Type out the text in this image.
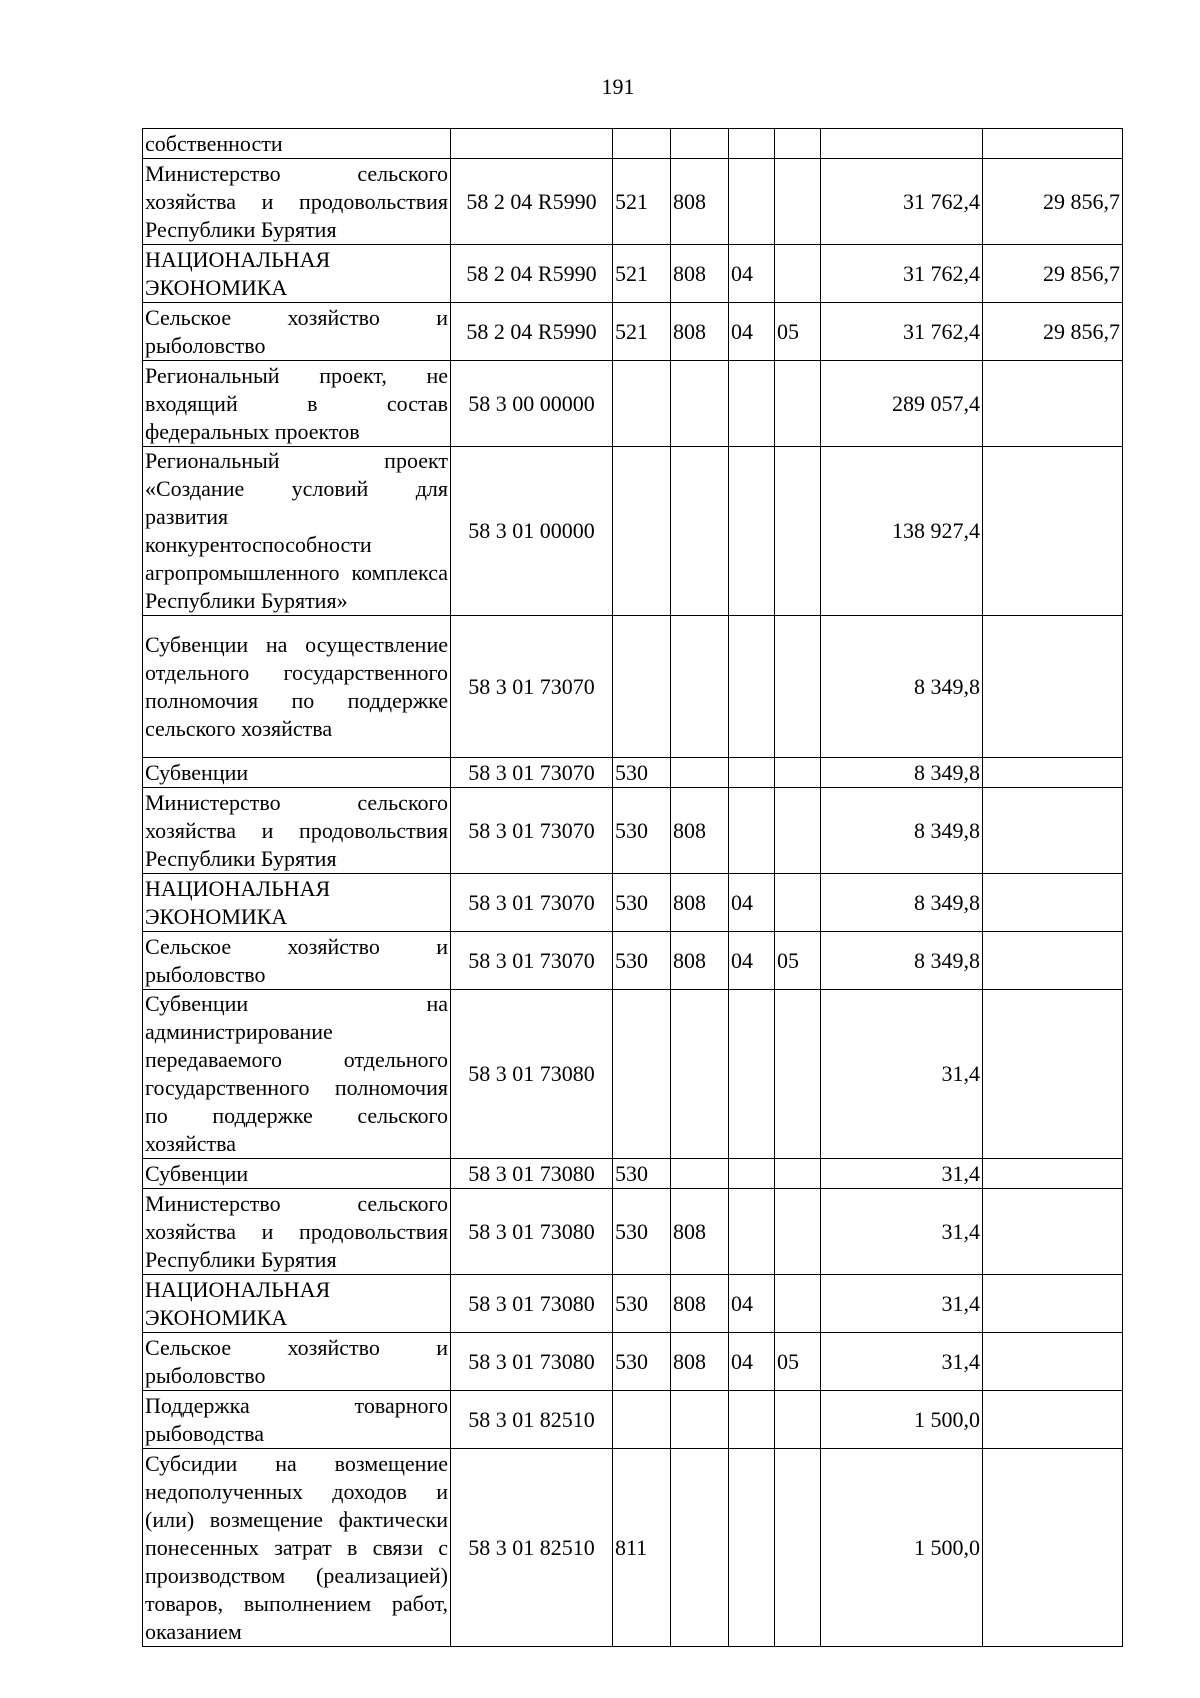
191
собственности							
Министерство сельского хозяйства и продовольствия Республики Бурятия	58 2 04 R5990	521	808			31 762,4	29 856,7
НАЦИОНАЛЬНАЯ ЭКОНОМИКА	58 2 04 R5990	521	808	04		31 762,4	29 856,7
Сельское хозяйство и рыболовство	58 2 04 R5990	521	808	04	05	31 762,4	29 856,7
Региональный проект, не входящий в состав федеральных проектов	58 3 00 00000					289 057,4	
Региональный проект «Создание условий для развития конкурентоспособности агропромышленного комплекса Республики Бурятия»	58 3 01 00000					138 927,4	
Субвенции на осуществление отдельного государственного полномочия по поддержке сельского хозяйства	58 3 01 73070					8 349,8	
Субвенции	58 3 01 73070	530				8 349,8	
Министерство сельского хозяйства и продовольствия Республики Бурятия	58 3 01 73070	530	808			8 349,8	
НАЦИОНАЛЬНАЯ ЭКОНОМИКА	58 3 01 73070	530	808	04		8 349,8	
Сельское хозяйство и рыболовство	58 3 01 73070	530	808	04	05	8 349,8	
Субвенции на администрирование передаваемого отдельного государственного полномочия по поддержке сельского хозяйства	58 3 01 73080					31,4	
Субвенции	58 3 01 73080	530				31,4	
Министерство сельского хозяйства и продовольствия Республики Бурятия	58 3 01 73080	530	808			31,4	
НАЦИОНАЛЬНАЯ ЭКОНОМИКА	58 3 01 73080	530	808	04		31,4	
Сельское хозяйство и рыболовство	58 3 01 73080	530	808	04	05	31,4	
Поддержка товарного рыбоводства	58 3 01 82510					1 500,0	
Субсидии на возмещение недополученных доходов и (или) возмещение фактически понесенных затрат в связи с производством (реализацией) товаров, выполнением работ, оказанием	58 3 01 82510	811				1 500,0	
